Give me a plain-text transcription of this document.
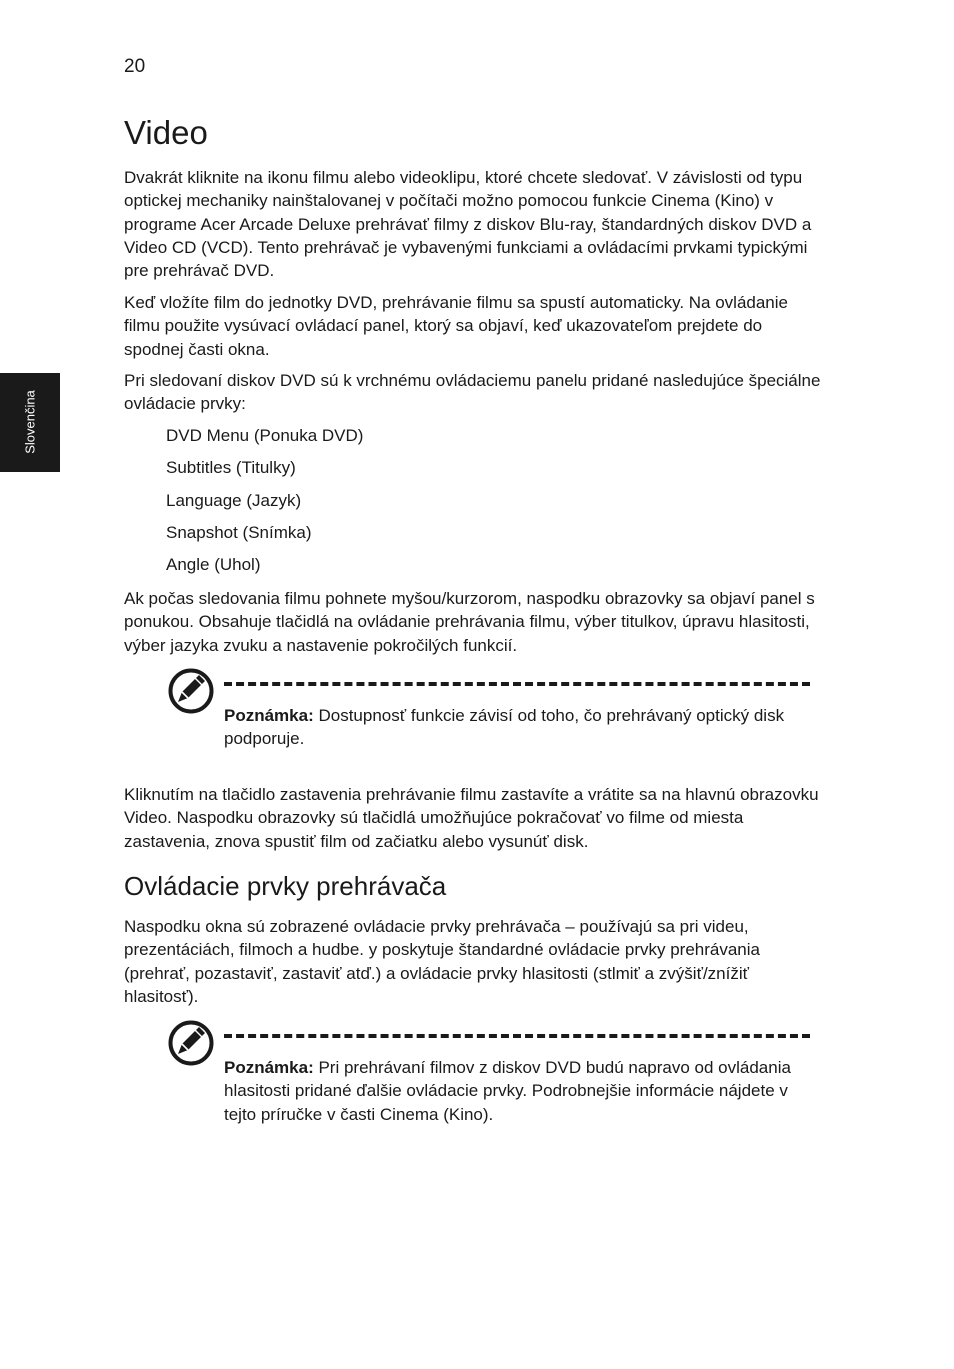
20
Slovenčina
Video

Dvakrát kliknite na ikonu filmu alebo videoklipu, ktoré chcete sledovať. V závislosti od typu optickej mechaniky nainštalovanej v počítači možno pomocou funkcie Cinema (Kino) v programe Acer Arcade Deluxe prehrávať filmy z diskov Blu-ray, štandardných diskov DVD a Video CD (VCD). Tento prehrávač je vybavenými funkciami a ovládacími prvkami typickými pre prehrávač DVD.

Keď vložíte film do jednotky DVD, prehrávanie filmu sa spustí automaticky. Na ovládanie filmu použite vysúvací ovládací panel, ktorý sa objaví, keď ukazovateľom prejdete do spodnej časti okna.

Pri sledovaní diskov DVD sú k vrchnému ovládaciemu panelu pridané nasledujúce špeciálne ovládacie prvky:

DVD Menu (Ponuka DVD)
Subtitles (Titulky)
Language (Jazyk)
Snapshot (Snímka)
Angle (Uhol)

Ak počas sledovania filmu pohnete myšou/kurzorom, naspodku obrazovky sa objaví panel s ponukou. Obsahuje tlačidlá na ovládanie prehrávania filmu, výber titulkov, úpravu hlasitosti, výber jazyka zvuku a nastavenie pokročilých funkcií.

Poznámka: Dostupnosť funkcie závisí od toho, čo prehrávaný optický disk podporuje.

Kliknutím na tlačidlo zastavenia prehrávanie filmu zastavíte a vrátite sa na hlavnú obrazovku Video. Naspodku obrazovky sú tlačidlá umožňujúce pokračovať vo filme od miesta zastavenia, znova spustiť film od začiatku alebo vysunúť disk.

Ovládacie prvky prehrávača

Naspodku okna sú zobrazené ovládacie prvky prehrávača – používajú sa pri videu, prezentáciách, filmoch a hudbe. y poskytuje štandardné ovládacie prvky prehrávania (prehrať, pozastaviť, zastaviť atď.) a ovládacie prvky hlasitosti (stlmiť a zvýšiť/znížiť hlasitosť).

Poznámka: Pri prehrávaní filmov z diskov DVD budú napravo od ovládania hlasitosti pridané ďalšie ovládacie prvky. Podrobnejšie informácie nájdete v tejto príručke v časti Cinema (Kino).
